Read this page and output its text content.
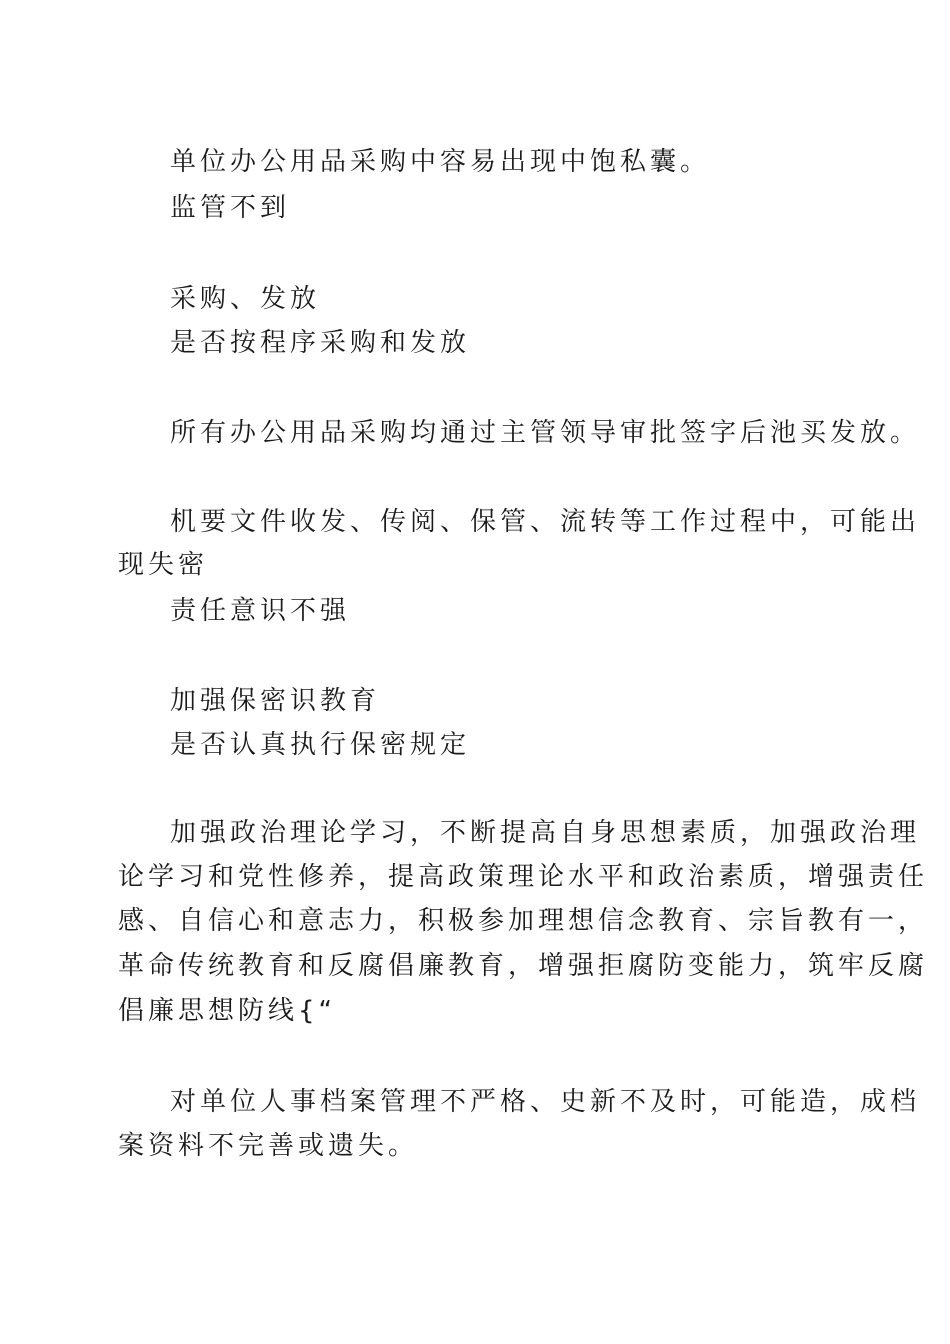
单位办公用品采购中容易出现中饱私囊。

监管不到

采购、发放

是否按程序采购和发放

所有办公用品采购均通过主管领导审批签字后池买发放。

机要文件收发、传阅、保管、流转等工作过程中，可能出

现失密

责任意识不强

加强保密识教育

是否认真执行保密规定

加强政治理论学习，不断提高自身思想素质，加强政治理

论学习和党性修养，提高政策理论水平和政治素质，增强责任

感、自信心和意志力，积极参加理想信念教育、宗旨教有一，

革命传统教育和反腐倡廉教育，增强拒腐防变能力，筑牢反腐

倡廉思想防线{“

对单位人事档案管理不严格、史新不及时，可能造，成档

案资料不完善或遗失。
